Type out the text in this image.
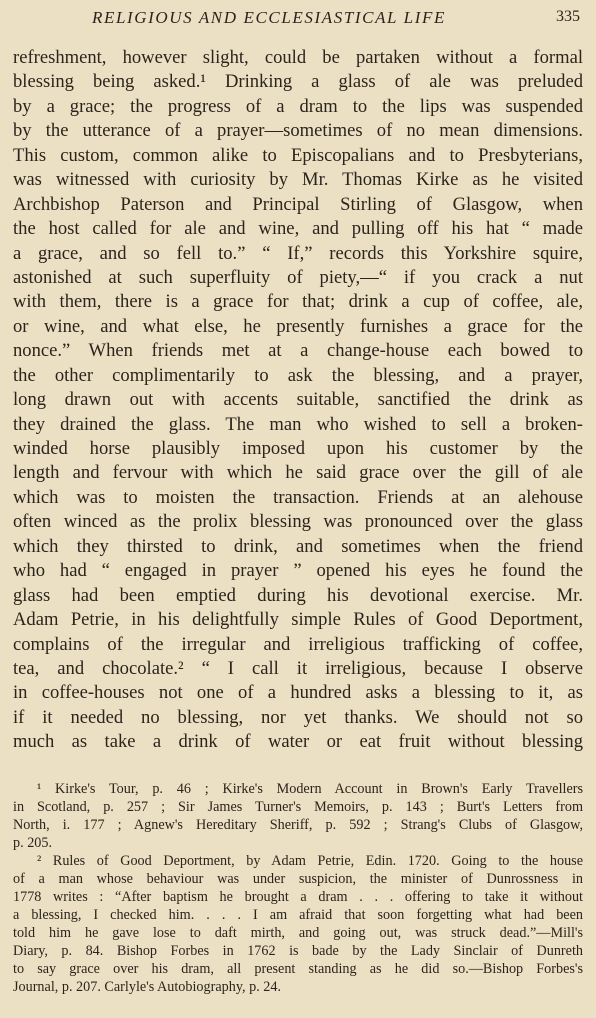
RELIGIOUS AND ECCLESIASTICAL LIFE	335
refreshment, however slight, could be partaken without a formal
blessing being asked.¹ Drinking a glass of ale was preluded
by a grace; the progress of a dram to the lips was suspended
by the utterance of a prayer—sometimes of no mean dimensions.
This custom, common alike to Episcopalians and to Presbyterians,
was witnessed with curiosity by Mr. Thomas Kirke as he visited
Archbishop Paterson and Principal Stirling of Glasgow, when
the host called for ale and wine, and pulling off his hat “ made
a grace, and so fell to.” “ If,” records this Yorkshire squire,
astonished at such superfluity of piety,—“ if you crack a nut
with them, there is a grace for that; drink a cup of coffee, ale,
or wine, and what else, he presently furnishes a grace for the
nonce.” When friends met at a change-house each bowed to
the other complimentarily to ask the blessing, and a prayer,
long drawn out with accents suitable, sanctified the drink as
they drained the glass. The man who wished to sell a broken-
winded horse plausibly imposed upon his customer by the
length and fervour with which he said grace over the gill of ale
which was to moisten the transaction. Friends at an alehouse
often winced as the prolix blessing was pronounced over the glass
which they thirsted to drink, and sometimes when the friend
who had “ engaged in prayer ” opened his eyes he found the
glass had been emptied during his devotional exercise. Mr.
Adam Petrie, in his delightfully simple Rules of Good Deportment,
complains of the irregular and irreligious trafficking of coffee,
tea, and chocolate.² “ I call it irreligious, because I observe
in coffee-houses not one of a hundred asks a blessing to it, as
if it needed no blessing, nor yet thanks. We should not so
much as take a drink of water or eat fruit without blessing
¹ Kirke's Tour, p. 46 ; Kirke's Modern Account in Brown's Early Travellers
in Scotland, p. 257 ; Sir James Turner's Memoirs, p. 143 ; Burt's Letters from
North, i. 177 ; Agnew's Hereditary Sheriff, p. 592 ; Strang's Clubs of Glasgow,
p. 205.
² Rules of Good Deportment, by Adam Petrie, Edin. 1720. Going to the house
of a man whose behaviour was under suspicion, the minister of Dunrossness in
1778 writes : “After baptism he brought a dram . . . offering to take it without
a blessing, I checked him. . . . I am afraid that soon forgetting what had been
told him he gave lose to daft mirth, and going out, was struck dead.”—Mill's
Diary, p. 84. Bishop Forbes in 1762 is bade by the Lady Sinclair of Dunreth
to say grace over his dram, all present standing as he did so.—Bishop Forbes's
Journal, p. 207. Carlyle's Autobiography, p. 24.
